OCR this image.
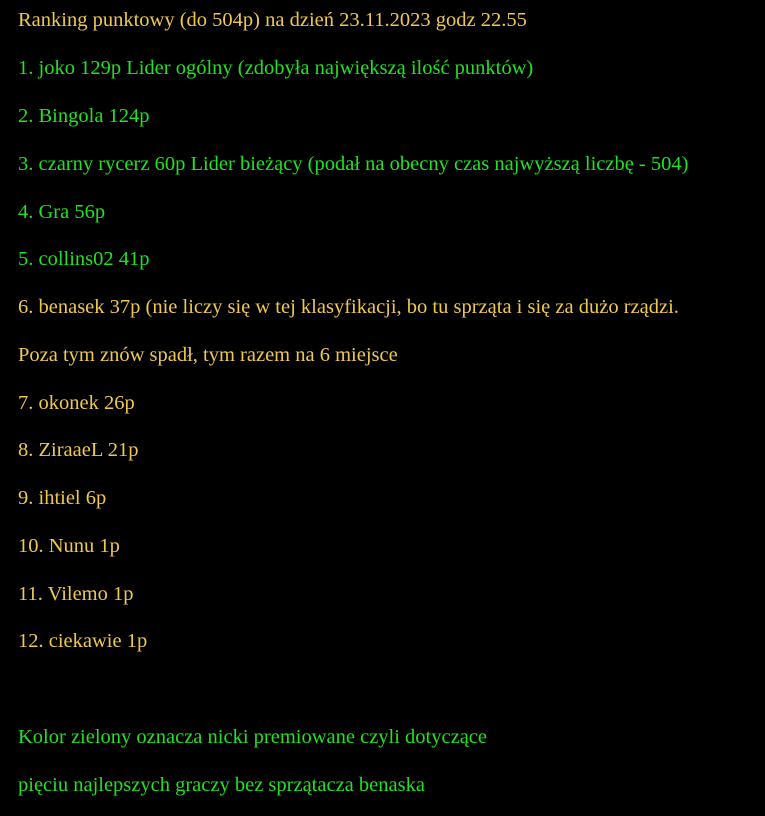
Ranking punktowy (do 504p) na dzień 23.11.2023 godz 22.55
1. joko 129p Lider ogólny (zdobyła największą ilość punktów)
2. Bingola 124p
3. czarny rycerz 60p Lider bieżący (podał na obecny czas najwyższą liczbę - 504)
4. Gra 56p
5. collins02 41p
6. benasek 37p (nie liczy się w tej klasyfikacji, bo tu sprząta i się za dużo rządzi.
Poza tym znów spadł, tym razem na 6 miejsce
7. okonek 26p
8. ZiraaeL 21p
9. ihtiel 6p
10. Nunu 1p
11. Vilemo 1p
12. ciekawie 1p
Kolor zielony oznacza nicki premiowane czyli dotyczące
pięciu najlepszych graczy bez sprzątacza benaska
